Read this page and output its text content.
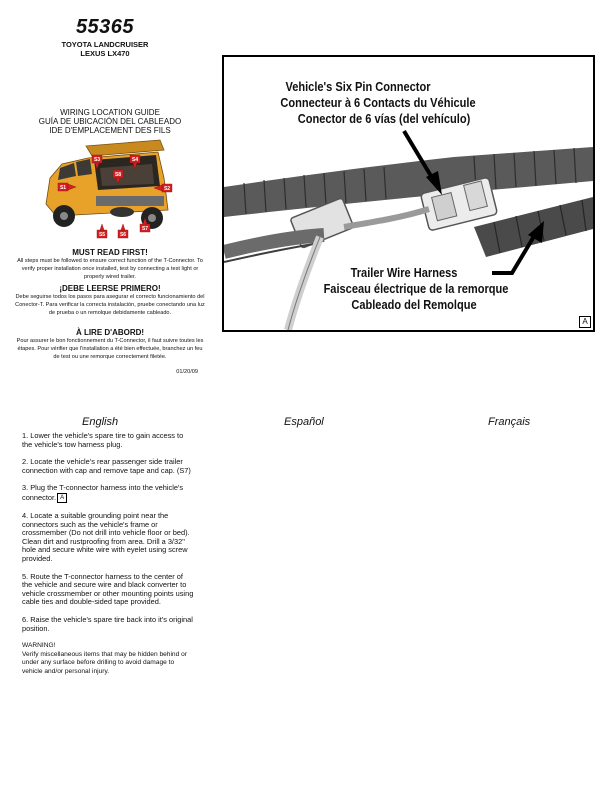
55365
TOYOTA LANDCRUISER
LEXUS LX470
WIRING LOCATION GUIDE
GUÍA DE UBICACIÓN DEL CABLEADO
IDE D'EMPLACEMENT DES FILS
S1	S2
S3	S4
S5	S6
S7
S8
MUST READ FIRST!
All steps must be followed to ensure correct function of the T-Connector. To verify proper installation once installed, test by connecting a test light or properly wired trailer.
¡DEBE LEERSE PRIMERO!
Debe seguirse todos los pasos para asegurar el correcto funcionamiento del Conector-T. Para verificar la correcta instalación, pruebe conectando una luz de prueba o un remolque debidamente cableado.
À LIRE D'ABORD!
Pour assurer le bon fonctionnement du T-Connector, il faut suivre toutes les étapes. Pour vérifier que l'installation a été bien effectuée, branchez un feu de test ou une remorque correctement filetée.
01/20/09
Vehicle's Six Pin Connector
Connecteur à 6 Contacts du Véhicule
Conector de 6 vías (del vehículo)
Trailer Wire Harness
Faisceau électrique de la remorque
Cableado del Remolque
A
English	Español	Français
1. Lower the vehicle's spare tire to gain access to the vehicle's tow harness plug.
2. Locate the vehicle's rear passenger side trailer connection with cap and remove tape and cap. (S7)
3. Plug the T-connector harness into the vehicle's connector. A
4. Locate a suitable grounding point near the connectors such as the vehicle's frame or crossmember (Do not drill into vehicle floor or bed). Clean dirt and rustproofing from area. Drill a 3/32" hole and secure white wire with eyelet using screw provided.
5. Route the T-connector harness to the center of the vehicle and secure wire and black converter to vehicle crossmember or other mounting points using cable ties and double-sided tape provided.
6. Raise the vehicle's spare tire back into it's original position.
WARNING!
Verify miscellaneous items that may be hidden behind or under any surface before drilling to avoid damage to vehicle and/or personal injury.
